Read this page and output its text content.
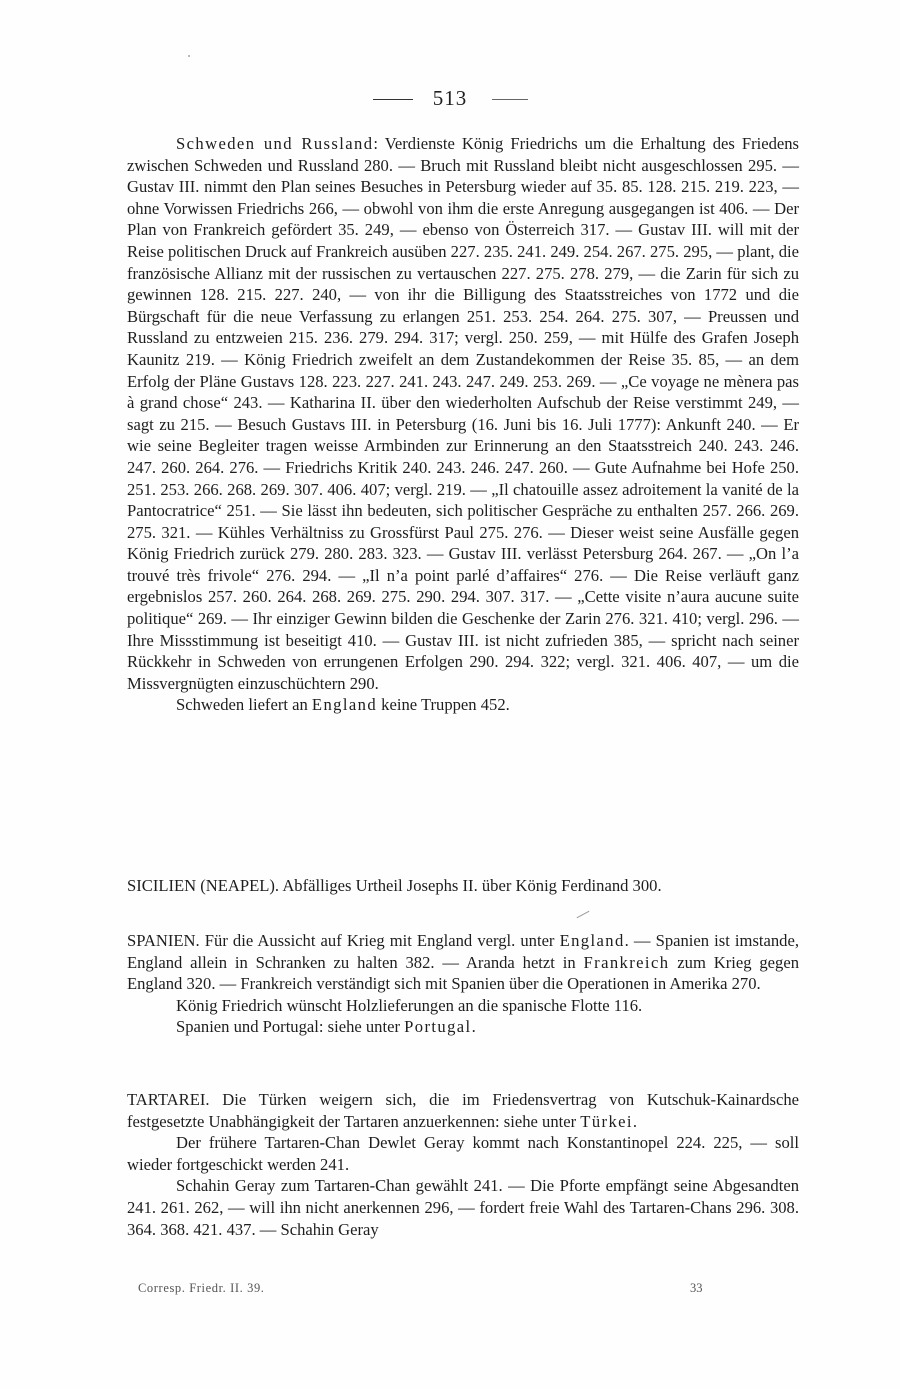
513

Schweden und Russland: Verdienste König Friedrichs um die Erhaltung des Friedens zwischen Schweden und Russland 280. — Bruch mit Russland bleibt nicht ausgeschlossen 295. — Gustav III. nimmt den Plan seines Besuches in Petersburg wieder auf 35. 85. 128. 215. 219. 223, — ohne Vorwissen Friedrichs 266, — obwohl von ihm die erste Anregung ausgegangen ist 406. — Der Plan von Frankreich gefördert 35. 249, — ebenso von Österreich 317. — Gustav III. will mit der Reise politischen Druck auf Frankreich ausüben 227. 235. 241. 249. 254. 267. 275. 295, — plant, die französische Allianz mit der russischen zu vertauschen 227. 275. 278. 279, — die Zarin für sich zu gewinnen 128. 215. 227. 240, — von ihr die Billigung des Staatsstreiches von 1772 und die Bürgschaft für die neue Verfassung zu erlangen 251. 253. 254. 264. 275. 307, — Preussen und Russland zu entzweien 215. 236. 279. 294. 317; vergl. 250. 259, — mit Hülfe des Grafen Joseph Kaunitz 219. — König Friedrich zweifelt an dem Zustandekommen der Reise 35. 85, — an dem Erfolg der Pläne Gustavs 128. 223. 227. 241. 243. 247. 249. 253. 269. — „Ce voyage ne mènera pas à grand chose“ 243. — Katharina II. über den wiederholten Aufschub der Reise verstimmt 249, — sagt zu 215. — Besuch Gustavs III. in Petersburg (16. Juni bis 16. Juli 1777): Ankunft 240. — Er wie seine Begleiter tragen weisse Armbinden zur Erinnerung an den Staatsstreich 240. 243. 246. 247. 260. 264. 276. — Friedrichs Kritik 240. 243. 246. 247. 260. — Gute Aufnahme bei Hofe 250. 251. 253. 266. 268. 269. 307. 406. 407; vergl. 219. — „Il chatouille assez adroitement la vanité de la Pantocratrice“ 251. — Sie lässt ihn bedeuten, sich politischer Gespräche zu enthalten 257. 266. 269. 275. 321. — Kühles Verhältniss zu Grossfürst Paul 275. 276. — Dieser weist seine Ausfälle gegen König Friedrich zurück 279. 280. 283. 323. — Gustav III. verlässt Petersburg 264. 267. — „On l’a trouvé très frivole“ 276. 294. — „Il n’a point parlé d’affaires“ 276. — Die Reise verläuft ganz ergebnislos 257. 260. 264. 268. 269. 275. 290. 294. 307. 317. — „Cette visite n’aura aucune suite politique“ 269. — Ihr einziger Gewinn bilden die Geschenke der Zarin 276. 321. 410; vergl. 296. — Ihre Missstimmung ist beseitigt 410. — Gustav III. ist nicht zufrieden 385, — spricht nach seiner Rückkehr in Schweden von errungenen Erfolgen 290. 294. 322; vergl. 321. 406. 407, — um die Missvergnügten einzuschüchtern 290.

Schweden liefert an England keine Truppen 452.

SICILIEN (NEAPEL). Abfälliges Urtheil Josephs II. über König Ferdinand 300.

SPANIEN. Für die Aussicht auf Krieg mit England vergl. unter England. — Spanien ist imstande, England allein in Schranken zu halten 382. — Aranda hetzt in Frankreich zum Krieg gegen England 320. — Frankreich verständigt sich mit Spanien über die Operationen in Amerika 270.

König Friedrich wünscht Holzlieferungen an die spanische Flotte 116.

Spanien und Portugal: siehe unter Portugal.

TARTAREI. Die Türken weigern sich, die im Friedensvertrag von Kutschuk-Kainardsche festgesetzte Unabhängigkeit der Tartaren anzuerkennen: siehe unter Türkei.

Der frühere Tartaren-Chan Dewlet Geray kommt nach Konstantinopel 224. 225, — soll wieder fortgeschickt werden 241.

Schahin Geray zum Tartaren-Chan gewählt 241. — Die Pforte empfängt seine Abgesandten 241. 261. 262, — will ihn nicht anerkennen 296, — fordert freie Wahl des Tartaren-Chans 296. 308. 364. 368. 421. 437. — Schahin Geray

Corresp. Friedr. II. 39.	33
